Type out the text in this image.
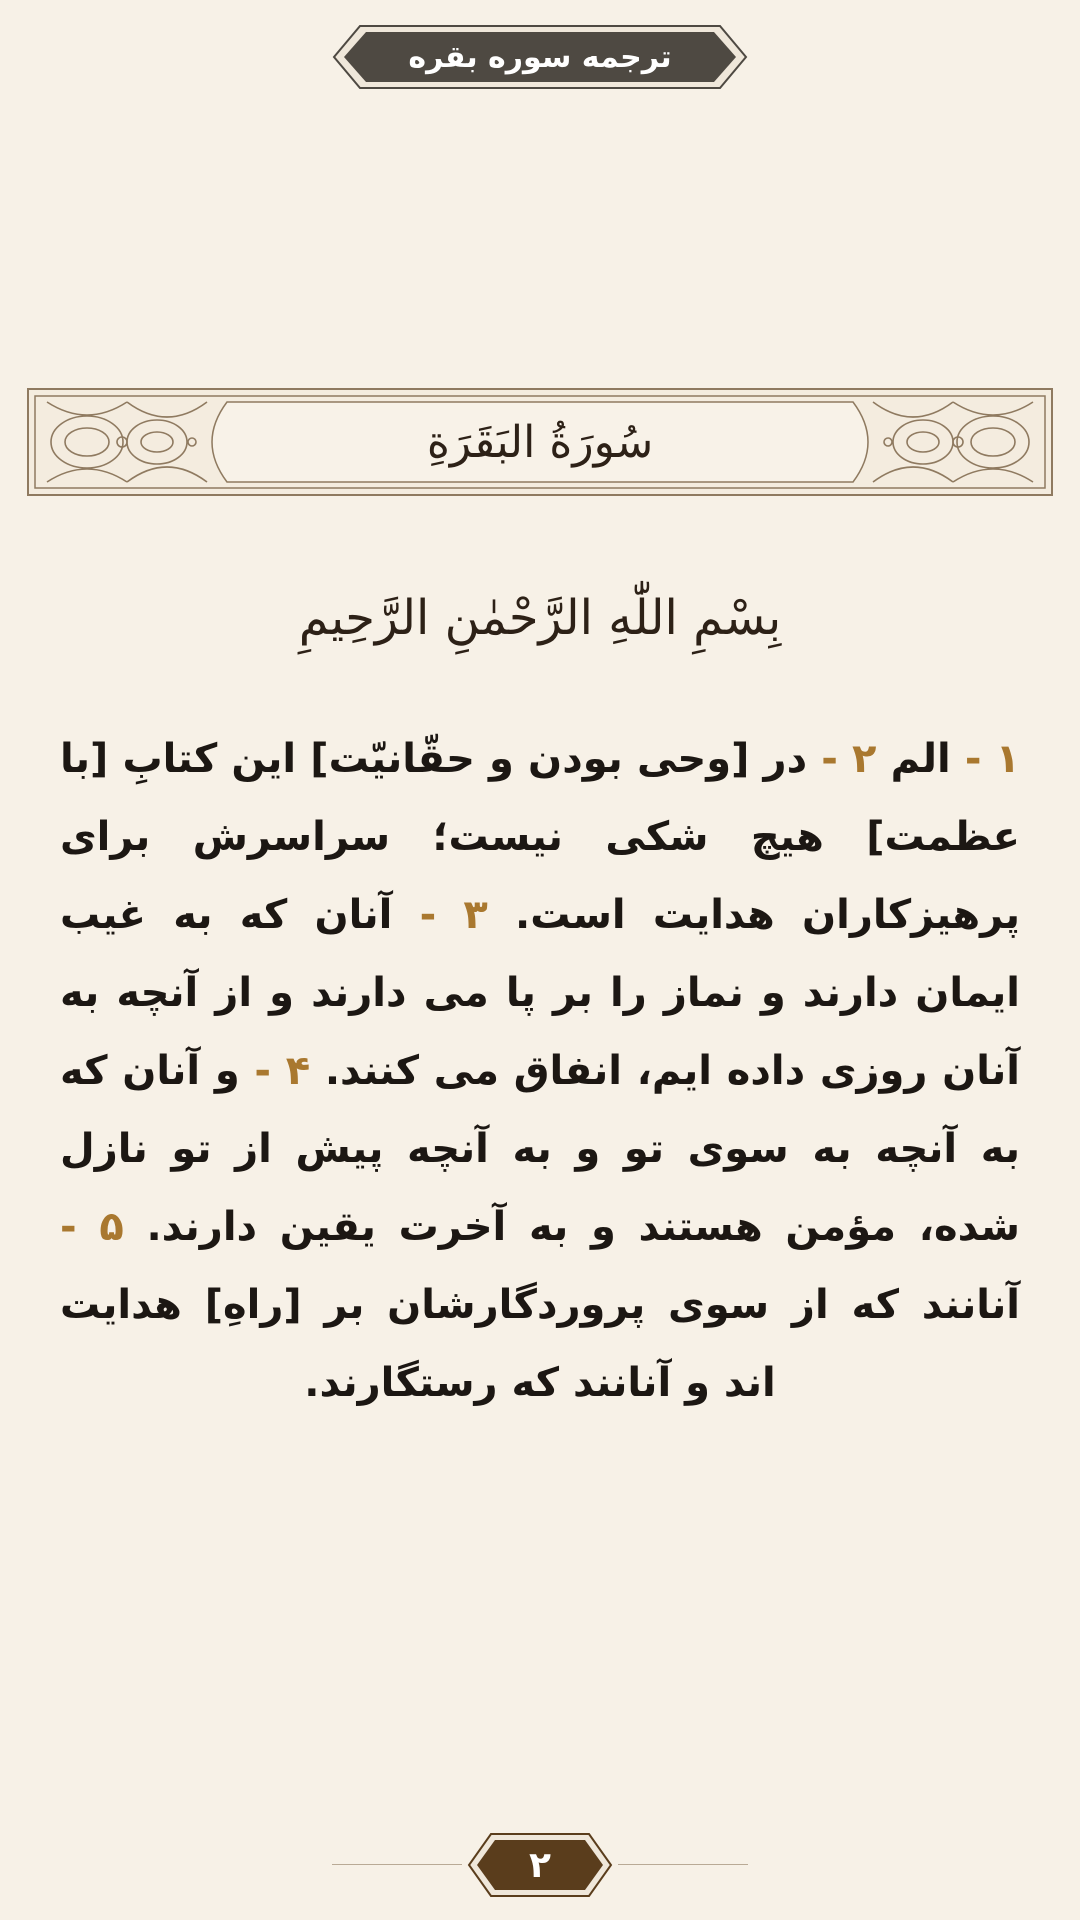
ترجمه سوره بقره
سُورَةُ البَقَرَةِ
بِسْمِ اللّٰهِ الرَّحْمٰنِ الرَّحِيمِ
۱ - الم ۲ - در [وحی بودن و حقّانیّت] این کتابِ [با عظمت] هیچ شکی نیست؛ سراسرش برای پرهیزکاران هدایت است. ۳ - آنان که به غیب ایمان دارند و نماز را بر پا می دارند و از آنچه به آنان روزی داده ایم، انفاق می کنند. ۴ - و آنان که به آنچه به سوی تو و به آنچه پیش از تو نازل شده، مؤمن هستند و به آخرت یقین دارند. ۵ - آنانند که از سوی پروردگارشان بر [راهِ] هدایت اند و آنانند که رستگارند.
۲
